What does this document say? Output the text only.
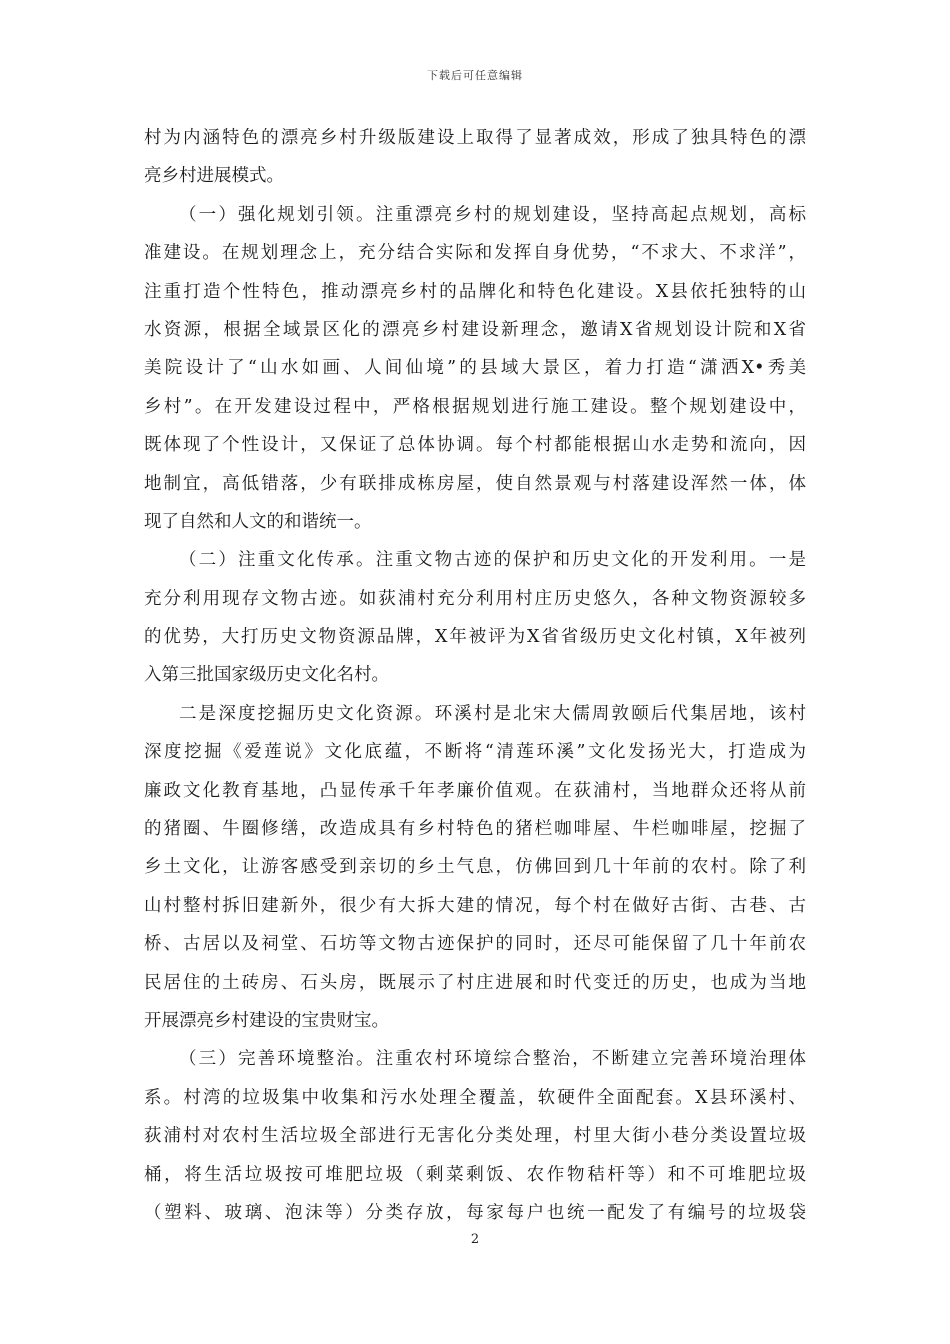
下载后可任意编辑
村为内涵特色的漂亮乡村升级版建设上取得了显著成效，形成了独具特色的漂
亮乡村进展模式。
（一）强化规划引领。注重漂亮乡村的规划建设，坚持高起点规划，高标
准建设。在规划理念上，充分结合实际和发挥自身优势，“不求大、不求洋”，
注重打造个性特色，推动漂亮乡村的品牌化和特色化建设。X县依托独特的山
水资源，根据全域景区化的漂亮乡村建设新理念，邀请X省规划设计院和X省
美院设计了“山水如画、人间仙境”的县域大景区，着力打造“潇洒X•秀美
乡村”。在开发建设过程中，严格根据规划进行施工建设。整个规划建设中，
既体现了个性设计，又保证了总体协调。每个村都能根据山水走势和流向，因
地制宜，高低错落，少有联排成栋房屋，使自然景观与村落建设浑然一体，体
现了自然和人文的和谐统一。
（二）注重文化传承。注重文物古迹的保护和历史文化的开发利用。一是
充分利用现存文物古迹。如荻浦村充分利用村庄历史悠久，各种文物资源较多
的优势，大打历史文物资源品牌，X年被评为X省省级历史文化村镇，X年被列
入第三批国家级历史文化名村。
二是深度挖掘历史文化资源。环溪村是北宋大儒周敦颐后代集居地，该村
深度挖掘《爱莲说》文化底蕴，不断将“清莲环溪”文化发扬光大，打造成为
廉政文化教育基地，凸显传承千年孝廉价值观。在荻浦村，当地群众还将从前
的猪圈、牛圈修缮，改造成具有乡村特色的猪栏咖啡屋、牛栏咖啡屋，挖掘了
乡土文化，让游客感受到亲切的乡土气息，仿佛回到几十年前的农村。除了利
山村整村拆旧建新外，很少有大拆大建的情况，每个村在做好古街、古巷、古
桥、古居以及祠堂、石坊等文物古迹保护的同时，还尽可能保留了几十年前农
民居住的土砖房、石头房，既展示了村庄进展和时代变迁的历史，也成为当地
开展漂亮乡村建设的宝贵财宝。
（三）完善环境整治。注重农村环境综合整治，不断建立完善环境治理体
系。村湾的垃圾集中收集和污水处理全覆盖，软硬件全面配套。X县环溪村、
荻浦村对农村生活垃圾全部进行无害化分类处理，村里大街小巷分类设置垃圾
桶，将生活垃圾按可堆肥垃圾（剩菜剩饭、农作物秸杆等）和不可堆肥垃圾
（塑料、玻璃、泡沫等）分类存放，每家每户也统一配发了有编号的垃圾袋
2
